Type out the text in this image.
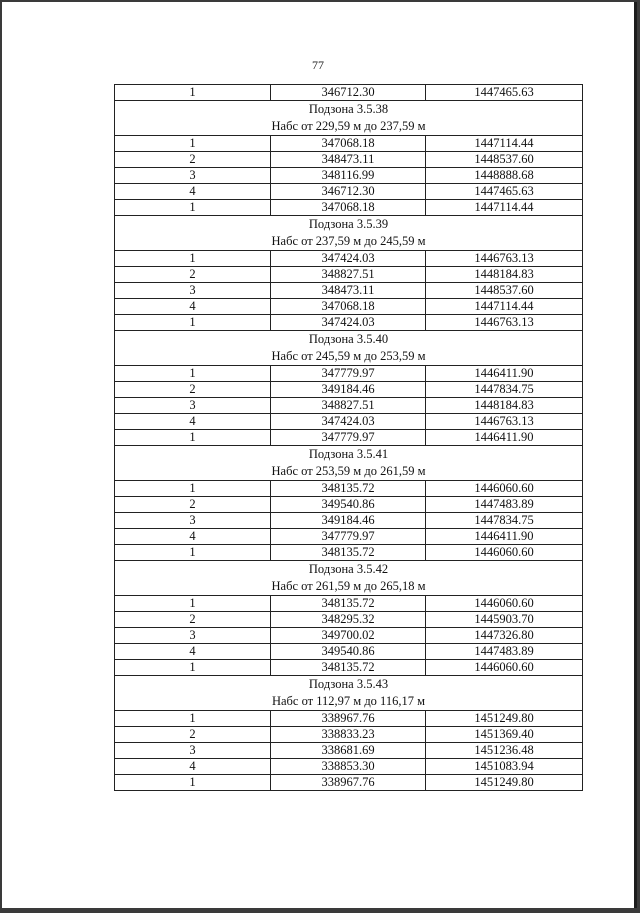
77
1	346712.30	1447465.63

Подзона 3.5.38
Набс от 229,59 м до 237,59 м		

1	347068.18	1447114.44
2	348473.11	1448537.60
3	348116.99	1448888.68
4	346712.30	1447465.63
1	347068.18	1447114.44

Подзона 3.5.39
Набс от 237,59 м до 245,59 м		

1	347424.03	1446763.13
2	348827.51	1448184.83
3	348473.11	1448537.60
4	347068.18	1447114.44
1	347424.03	1446763.13

Подзона 3.5.40
Набс от 245,59 м до 253,59 м		

1	347779.97	1446411.90
2	349184.46	1447834.75
3	348827.51	1448184.83
4	347424.03	1446763.13
1	347779.97	1446411.90

Подзона 3.5.41
Набс от 253,59 м до 261,59 м		

1	348135.72	1446060.60
2	349540.86	1447483.89
3	349184.46	1447834.75
4	347779.97	1446411.90
1	348135.72	1446060.60

Подзона 3.5.42
Набс от 261,59 м до 265,18 м		

1	348135.72	1446060.60
2	348295.32	1445903.70
3	349700.02	1447326.80
4	349540.86	1447483.89
1	348135.72	1446060.60

Подзона 3.5.43
Набс от 112,97 м до 116,17 м		

1	338967.76	1451249.80
2	338833.23	1451369.40
3	338681.69	1451236.48
4	338853.30	1451083.94
1	338967.76	1451249.80
